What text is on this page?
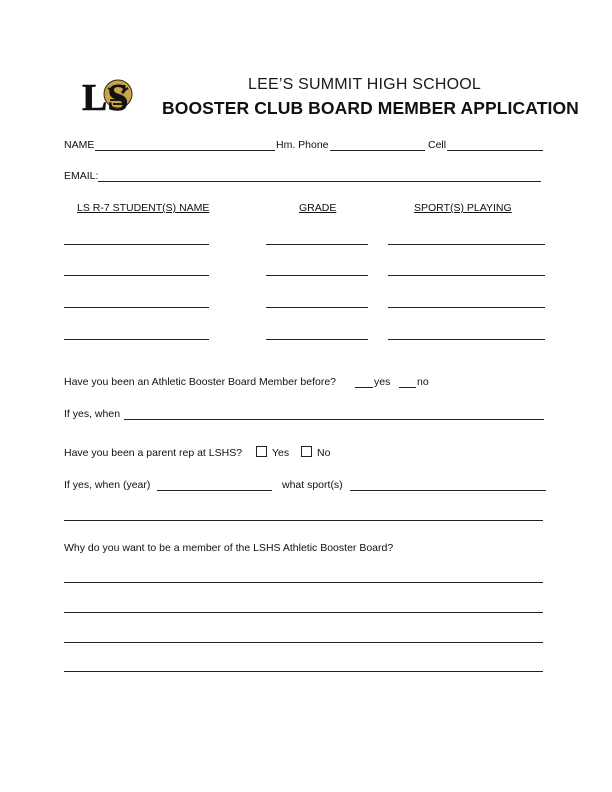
LS	LEE’S SUMMIT HIGH SCHOOL
BOOSTER CLUB BOARD MEMBER APPLICATION
NAME	Hm. Phone	Cell
EMAIL:
LS R-7 STUDENT(S) NAME	GRADE	SPORT(S) PLAYING
Have you been an Athletic Booster Board Member before?	yes	no
If yes, when
Have you been a parent rep at LSHS?	Yes	No
If yes, when (year)	what sport(s)
Why do you want to be a member of the LSHS Athletic Booster Board?
